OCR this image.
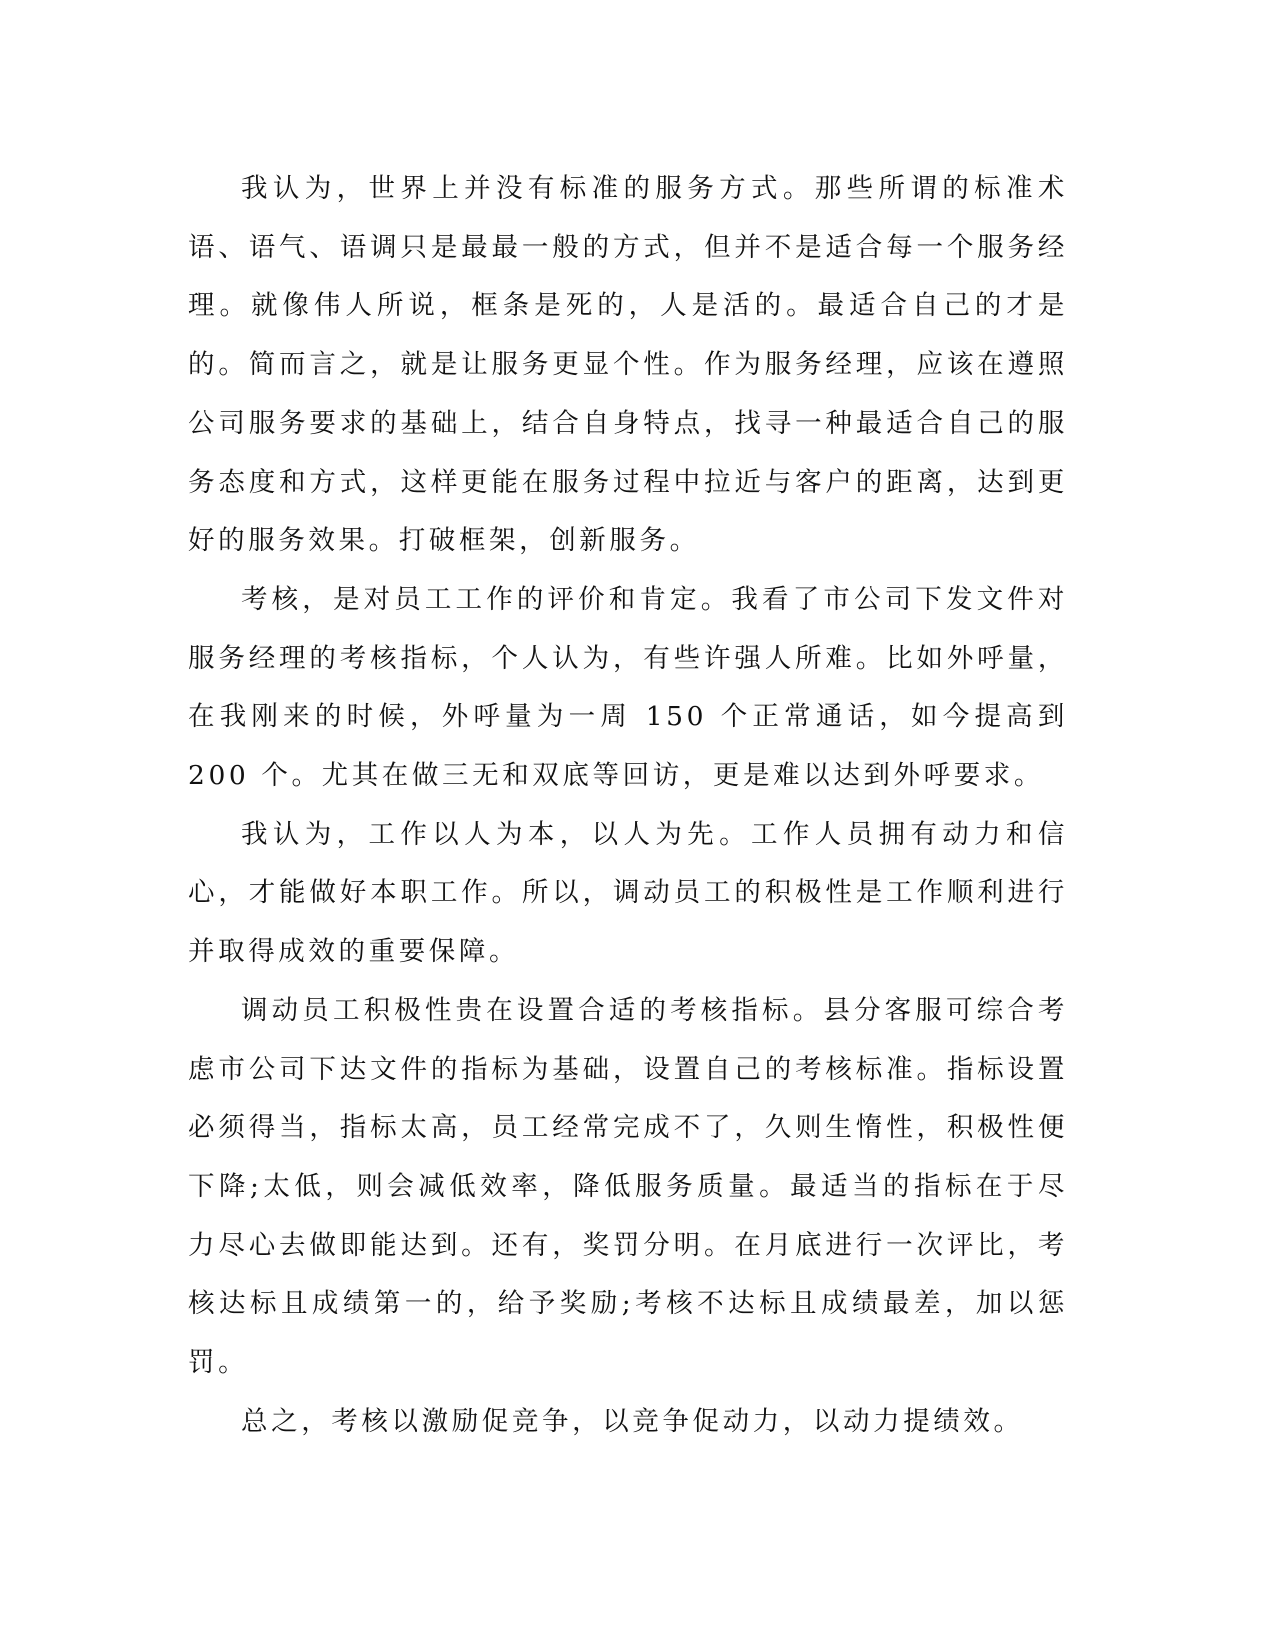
我认为，世界上并没有标准的服务方式。那些所谓的标准术语、语气、语调只是最最一般的方式，但并不是适合每一个服务经理。就像伟人所说，框条是死的，人是活的。最适合自己的才是的。简而言之，就是让服务更显个性。作为服务经理，应该在遵照公司服务要求的基础上，结合自身特点，找寻一种最适合自己的服务态度和方式，这样更能在服务过程中拉近与客户的距离，达到更好的服务效果。打破框架，创新服务。

考核，是对员工工作的评价和肯定。我看了市公司下发文件对服务经理的考核指标，个人认为，有些许强人所难。比如外呼量，在我刚来的时候，外呼量为一周 150 个正常通话，如今提高到 200 个。尤其在做三无和双底等回访，更是难以达到外呼要求。

我认为，工作以人为本，以人为先。工作人员拥有动力和信心，才能做好本职工作。所以，调动员工的积极性是工作顺利进行并取得成效的重要保障。

调动员工积极性贵在设置合适的考核指标。县分客服可综合考虑市公司下达文件的指标为基础，设置自己的考核标准。指标设置必须得当，指标太高，员工经常完成不了，久则生惰性，积极性便下降;太低，则会减低效率，降低服务质量。最适当的指标在于尽力尽心去做即能达到。还有，奖罚分明。在月底进行一次评比，考核达标且成绩第一的，给予奖励;考核不达标且成绩最差，加以惩罚。

总之，考核以激励促竞争，以竞争促动力，以动力提绩效。
